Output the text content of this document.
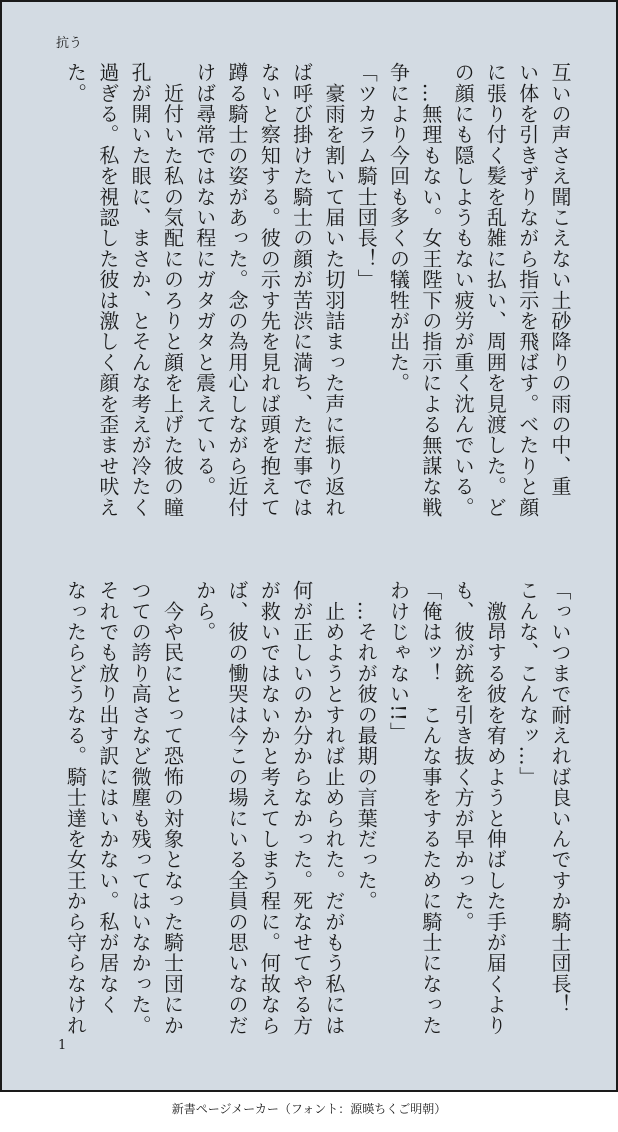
抗う
互いの声さえ聞こえない土砂降りの雨の中、重
い体を引きずりながら指示を飛ばす。べたりと顔
に張り付く髪を乱雑に払い、周囲を見渡した。ど
の顔にも隠しようもない疲労が重く沈んでいる。
　…無理もない。女王陛下の指示による無謀な戦
争により今回も多くの犠牲が出た。
「ツカラム騎士団長！」
　豪雨を割いて届いた切羽詰まった声に振り返れ
ば呼び掛けた騎士の顔が苦渋に満ち、ただ事では
ないと察知する。彼の示す先を見れば頭を抱えて
蹲る騎士の姿があった。念の為用心しながら近付
けば尋常ではない程にガタガタと震えている。
　近付いた私の気配にのろりと顔を上げた彼の瞳
孔が開いた眼に、まさか、とそんな考えが冷たく
過ぎる。私を視認した彼は激しく顔を歪ませ吠え
た。
「っいつまで耐えれば良いんですか騎士団長！
こんな、こんなッ…」
　激昂する彼を宥めようと伸ばした手が届くより
も、彼が銃を引き抜く方が早かった。
「俺はッ！　こんな事をするために騎士になった
わけじゃない!!」
　…それが彼の最期の言葉だった。
　止めようとすれば止められた。だがもう私には
何が正しいのか分からなかった。死なせてやる方
が救いではないかと考えてしまう程に。何故なら
ば、彼の慟哭は今この場にいる全員の思いなのだ
から。
　今や民にとって恐怖の対象となった騎士団にか
つての誇り高さなど微塵も残ってはいなかった。
それでも放り出す訳にはいかない。私が居なく
なったらどうなる。騎士達を女王から守らなけれ
1
新書ページメーカー（フォント：源暎ちくご明朝）
